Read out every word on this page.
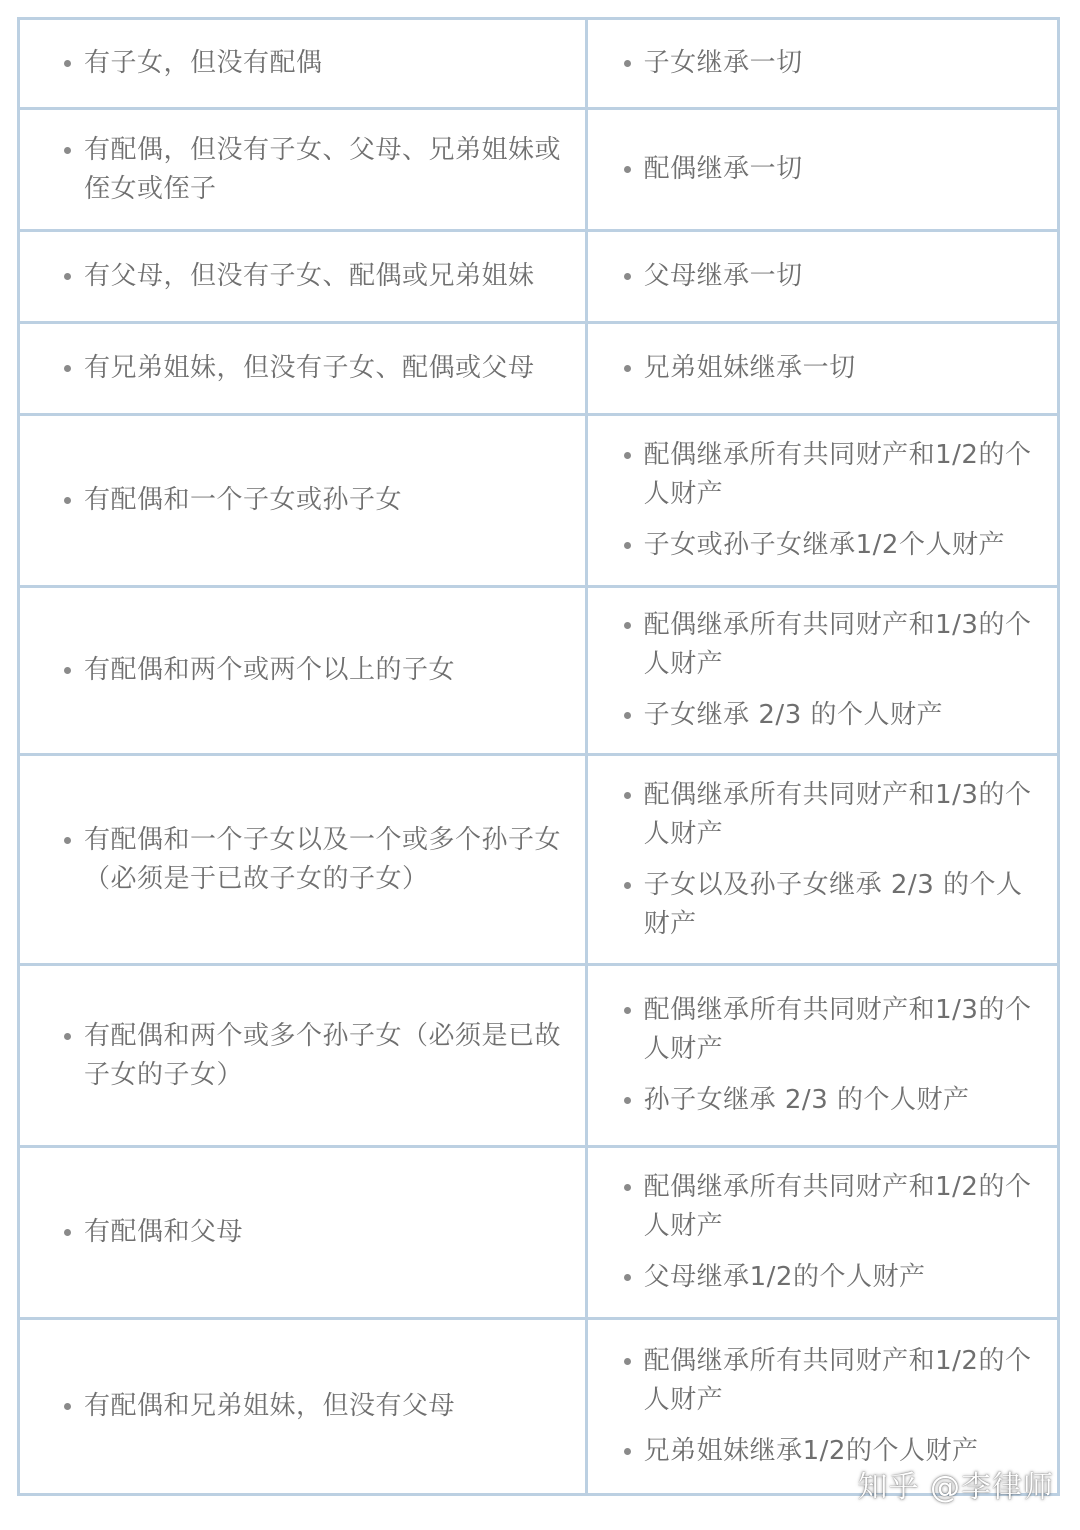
有子女，但没有配偶	子女继承一切

有配偶，但没有子女、父母、兄弟姐妹或侄女或侄子	配偶继承一切

有父母，但没有子女、配偶或兄弟姐妹	父母继承一切

有兄弟姐妹，但没有子女、配偶或父母	兄弟姐妹继承一切

有配偶和一个子女或孙子女	配偶继承所有共同财产和1/2的个人财产
子女或孙子女继承1/2个人财产

有配偶和两个或两个以上的子女	配偶继承所有共同财产和1/3的个人财产
子女继承 2/3 的个人财产

有配偶和一个子女以及一个或多个孙子女（必须是于已故子女的子女）	配偶继承所有共同财产和1/3的个人财产
子女以及孙子女继承 2/3 的个人财产

有配偶和两个或多个孙子女（必须是已故子女的子女）	配偶继承所有共同财产和1/3的个人财产
孙子女继承 2/3 的个人财产

有配偶和父母	配偶继承所有共同财产和1/2的个人财产
父母继承1/2的个人财产

有配偶和兄弟姐妹，但没有父母	配偶继承所有共同财产和1/2的个人财产
兄弟姐妹继承1/2的个人财产
知乎 @李律师
